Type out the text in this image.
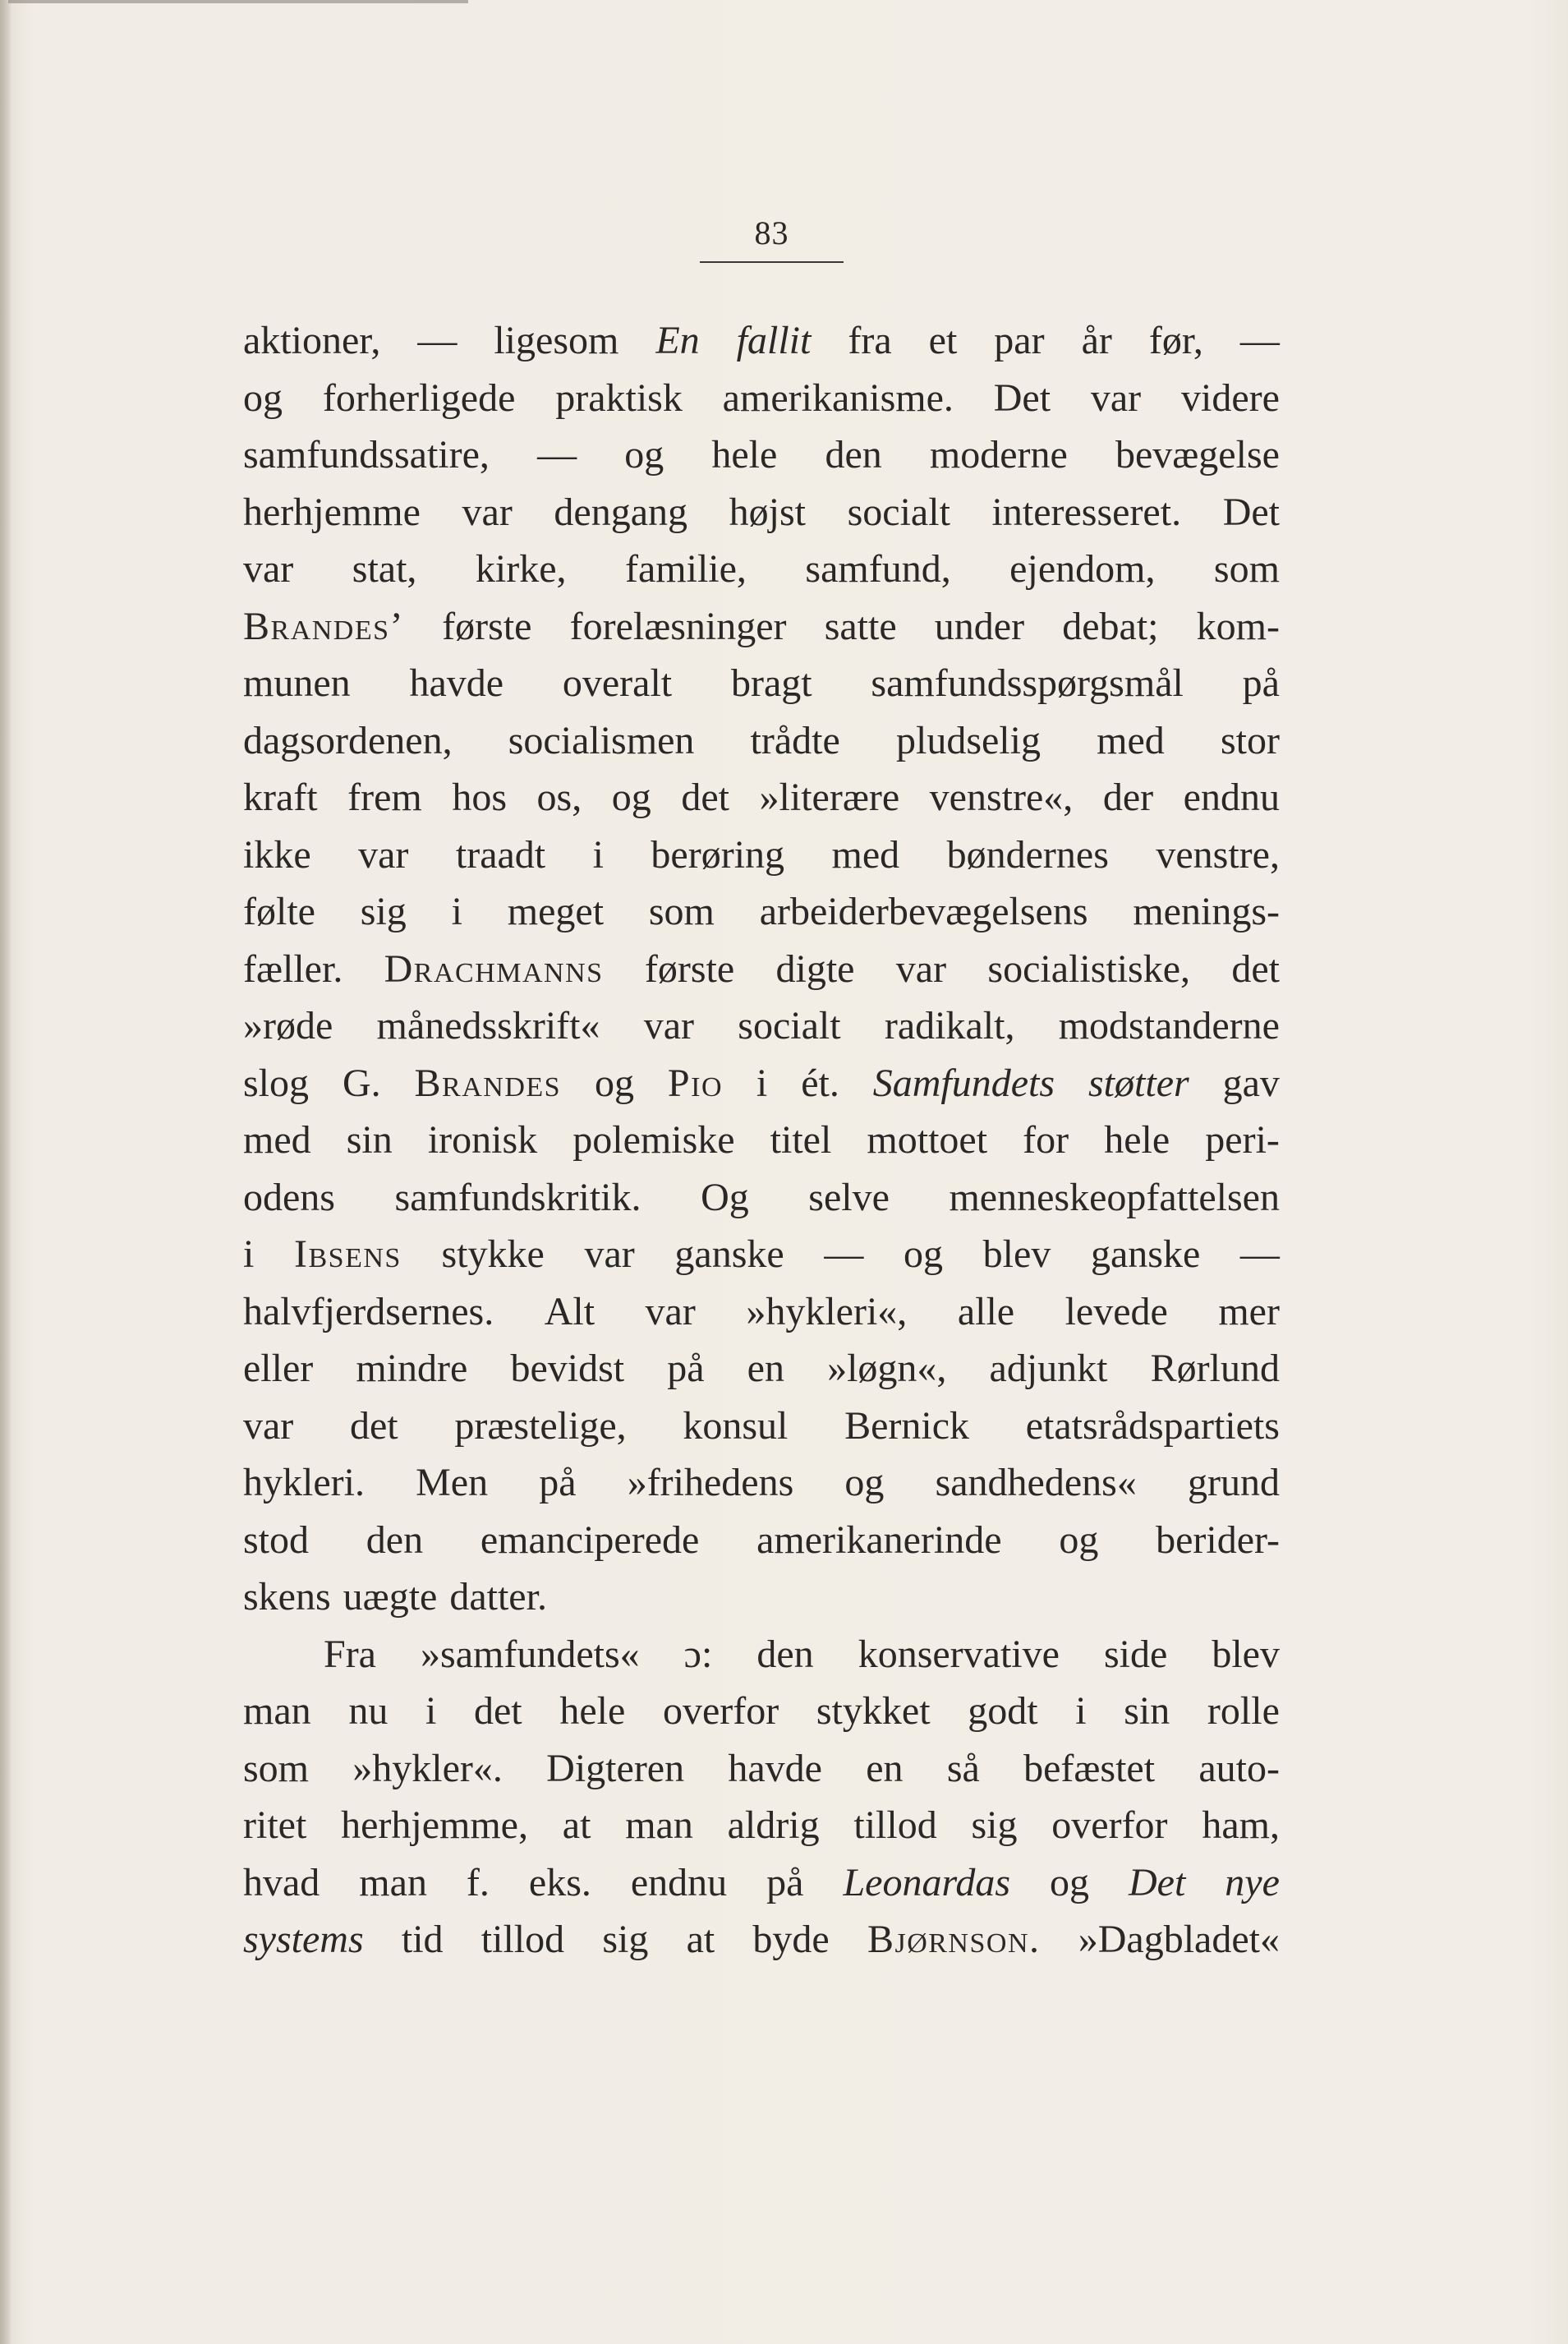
83
aktioner, — ligesom En fallit fra et par år før, —
og forherligede praktisk amerikanisme. Det var videre
samfundssatire, — og hele den moderne bevægelse
herhjemme var dengang højst socialt interesseret. Det
var stat, kirke, familie, samfund, ejendom, som
Brandes’ første forelæsninger satte under debat; kom-
munen havde overalt bragt samfundsspørgsmål på
dagsordenen, socialismen trådte pludselig med stor
kraft frem hos os, og det »literære venstre«, der endnu
ikke var traadt i berøring med bøndernes venstre,
følte sig i meget som arbeiderbevægelsens menings-
fæller. Drachmanns første digte var socialistiske, det
»røde månedsskrift« var socialt radikalt, modstanderne
slog G. Brandes og Pio i ét. Samfundets støtter gav
med sin ironisk polemiske titel mottoet for hele peri-
odens samfundskritik. Og selve menneskeopfattelsen
i Ibsens stykke var ganske — og blev ganske —
halvfjerdsernes. Alt var »hykleri«, alle levede mer
eller mindre bevidst på en »løgn«, adjunkt Rørlund
var det præstelige, konsul Bernick etatsrådspartiets
hykleri. Men på »frihedens og sandhedens« grund
stod den emanciperede amerikanerinde og berider-
skens uægte datter.
Fra »samfundets« ɔ: den konservative side blev
man nu i det hele overfor stykket godt i sin rolle
som »hykler«. Digteren havde en så befæstet auto-
ritet herhjemme, at man aldrig tillod sig overfor ham,
hvad man f. eks. endnu på Leonardas og Det nye
systems tid tillod sig at byde Bjørnson. »Dagbladet«
